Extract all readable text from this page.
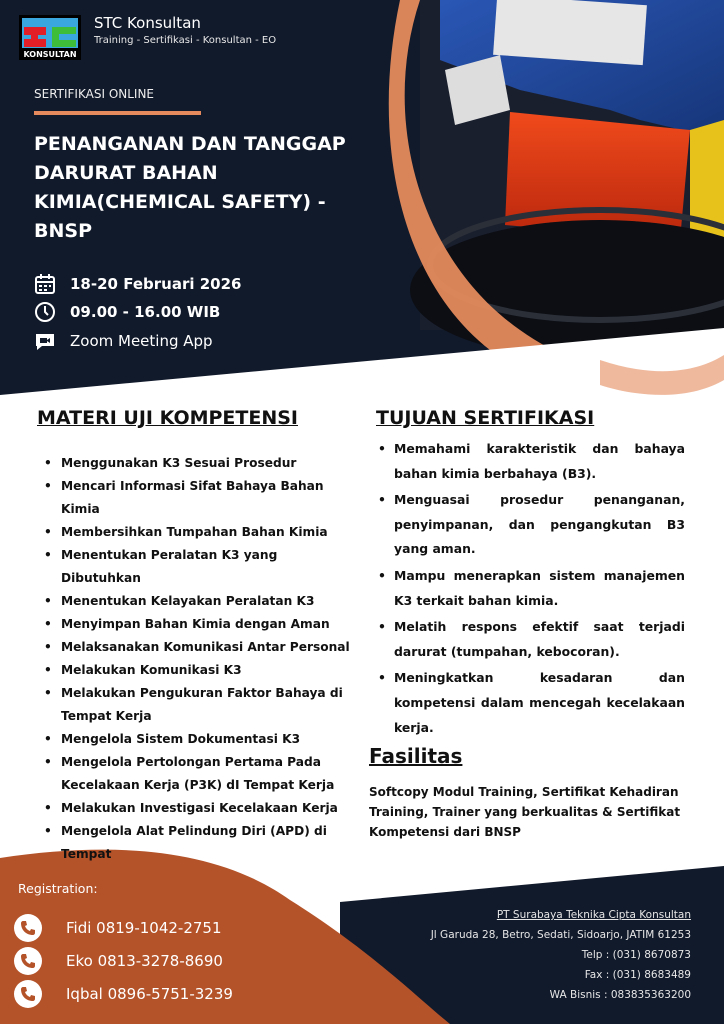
KONSULTAN
STC Konsultan
Training - Sertifikasi - Konsultan - EO
SERTIFIKASI ONLINE
PENANGANAN DAN TANGGAP DARURAT BAHAN KIMIA(CHEMICAL SAFETY) - BNSP
18-20 Februari 2026
09.00 - 16.00 WIB
Zoom Meeting App
MATERI UJI KOMPETENSI
• Menggunakan K3 Sesuai Prosedur
• Mencari Informasi Sifat Bahaya Bahan Kimia
• Membersihkan Tumpahan Bahan Kimia
• Menentukan Peralatan K3 yang Dibutuhkan
• Menentukan Kelayakan Peralatan K3
• Menyimpan Bahan Kimia dengan Aman
• Melaksanakan Komunikasi Antar Personal
• Melakukan Komunikasi K3
• Melakukan Pengukuran Faktor Bahaya di Tempat Kerja
• Mengelola Sistem Dokumentasi K3
• Mengelola Pertolongan Pertama Pada Kecelakaan Kerja (P3K) dI Tempat Kerja
• Melakukan Investigasi Kecelakaan Kerja
• Mengelola Alat Pelindung Diri (APD) di Tempat
TUJUAN SERTIFIKASI
• Memahami karakteristik dan bahaya bahan kimia berbahaya (B3).
• Menguasai prosedur penanganan, penyimpanan, dan pengangkutan B3 yang aman.
• Mampu menerapkan sistem manajemen K3 terkait bahan kimia.
• Melatih respons efektif saat terjadi darurat (tumpahan, kebocoran).
• Meningkatkan kesadaran dan kompetensi dalam mencegah kecelakaan kerja.
Fasilitas
Softcopy Modul Training, Sertifikat Kehadiran Training, Trainer yang berkualitas & Sertifikat Kompetensi dari BNSP
Registration:
Fidi 0819-1042-2751
Eko 0813-3278-8690
Iqbal 0896-5751-3239
PT Surabaya Teknika Cipta Konsultan
Jl Garuda 28, Betro, Sedati, Sidoarjo, JATIM 61253
Telp : (031) 8670873
Fax : (031) 8683489
WA Bisnis : 083835363200
